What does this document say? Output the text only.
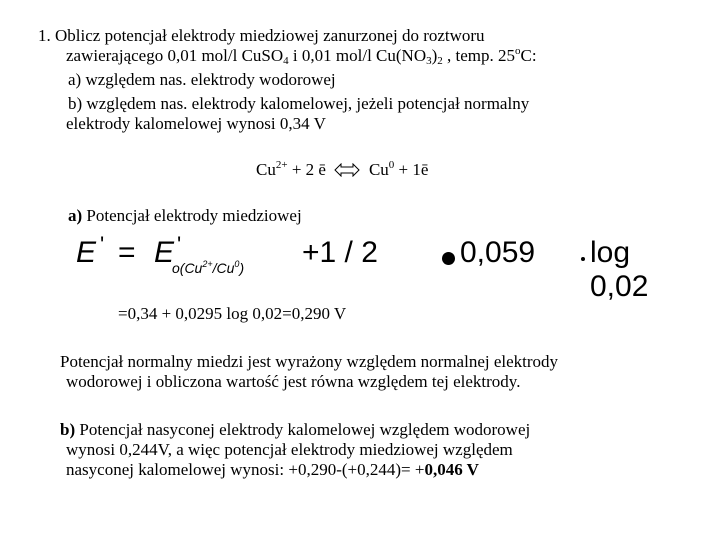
1. Oblicz potencjał elektrody miedziowej zanurzonej do roztworu
zawierającego 0,01 mol/l CuSO$_4$ i 0,01 mol/l $Cu(NO_3)_2$ , temp. 25$^o$C:
a) względem nas. elektrody wodorowej
b) względem nas. elektrody kalomelowej, jeżeli potencjał normalny
elektrody kalomelowej wynosi 0,34 V
$Cu^{2+} + 2$ ē	$Cu^0$ + 1ē
a) Potencjał elektrody miedziowej
E ' = E '
$o(Cu^{2+}/Cu^0) +1 / 2$	0,059 log 0,02
=0,34 + 0,0295 log 0,02=0,290 V
Potencjał normalny miedzi jest wyrażony względem normalnej elektrody
wodorowej i obliczona wartość jest równa względem tej elektrody.
b) Potencjał nasyconej elektrody kalomelowej względem wodorowej
wynosi 0,244V, a więc potencjał elektrody miedziowej względem
nasyconej kalomelowej wynosi: +0,290-(+0,244)= +0,046 V
